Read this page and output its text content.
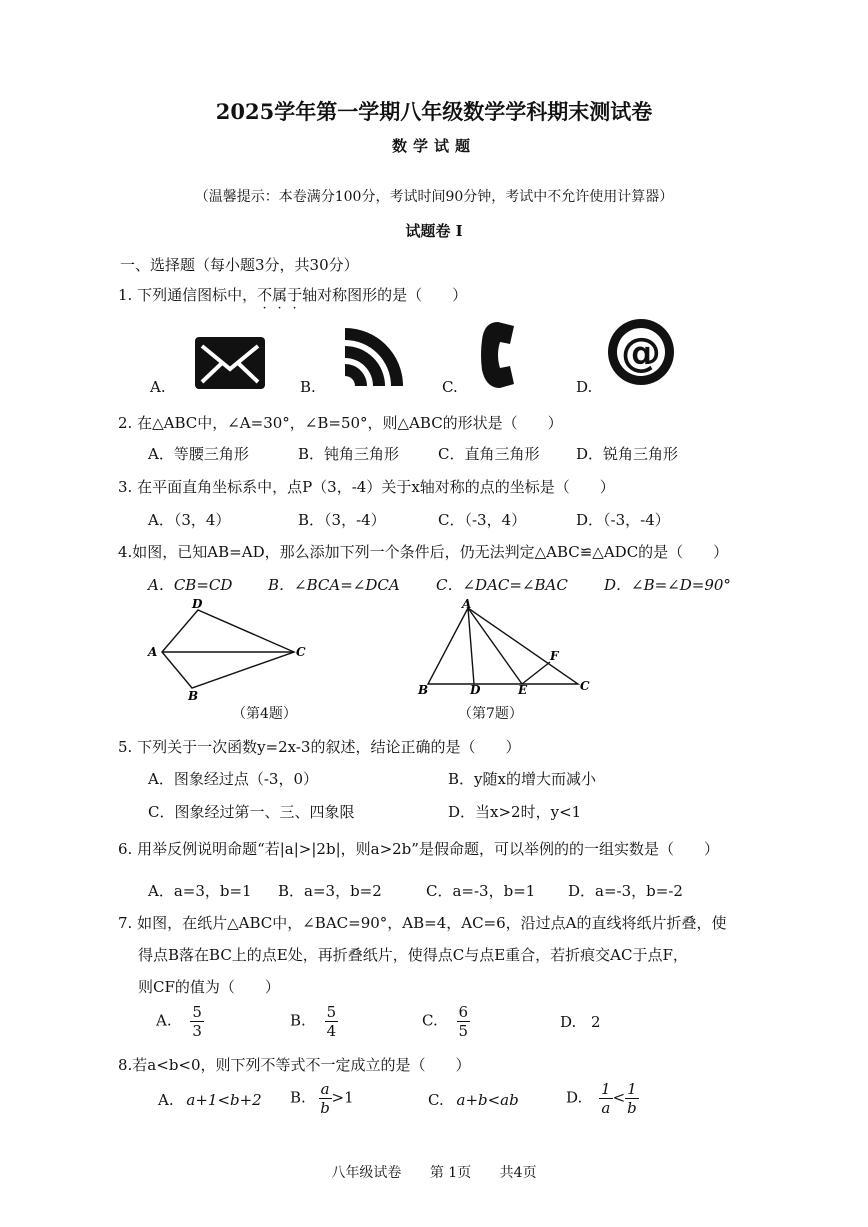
2025学年第一学期八年级数学学科期末测试卷
数学试题
（温馨提示：本卷满分100分，考试时间90分钟，考试中不允许使用计算器）
试题卷 I
一、选择题（每小题3分，共30分）
1. 下列通信图标中，不属于轴对称图形的是（　　）
A.	B.	C.	D.
@
2. 在△ABC中，∠A=30°，∠B=50°，则△ABC的形状是（　　）
A．等腰三角形	B．钝角三角形	C．直角三角形 D．锐角三角形
3. 在平面直角坐标系中，点P（3，-4）关于x轴对称的点的坐标是（　　）
A．（3，4）	B．（3，-4）	C．（-3，4）	D．（-3，-4）
4.如图，已知AB=AD，那么添加下列一个条件后，仍无法判定△ABC≌△ADC的是（　　）
A．CB=CD B．∠BCA=∠DCA C．∠DAC=∠BAC D．∠B=∠D=90°
A
D
C
B
（第4题）
A
B	D	E
F
C
（第7题）
5. 下列关于一次函数y=2x-3的叙述，结论正确的是（　　）
A．图象经过点（-3，0）	B．y随x的增大而减小
C．图象经过第一、三、四象限	D．当x>2时，y<1
6. 用举反例说明命题“若|a|>|2b|，则a>2b”是假命题，可以举例的的一组实数是（　　）
A．a=3，b=1 B．a=3，b=2	C．a=-3，b=1 D．a=-3，b=-2
7. 如图，在纸片△ABC中，∠BAC=90°，AB=4，AC=6，沿过点A的直线将纸片折叠，使
得点B落在BC上的点E处，再折叠纸片，使得点C与点E重合，若折痕交AC于点F，
则CF的值为（　　）
A. $\frac{5}{3}$	B. $\frac{5}{4}$	C. $\frac{6}{5}$	D. 2
8.若a<b<0，则下列不等式不一定成立的是（　　）
A. a+1<b+2 B. $\frac{a}{b} >1$	C. a+b<ab	D. $\frac{1}{a} < \frac{1}{b}$
八年级试卷 第 1页 共4页
